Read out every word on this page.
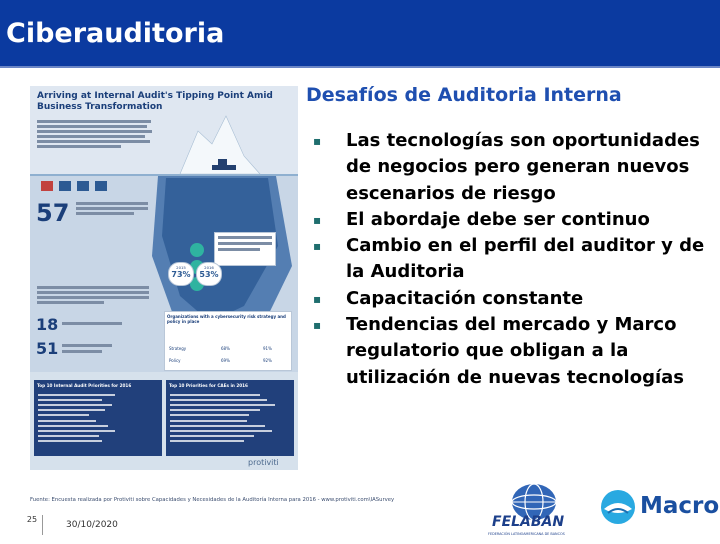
Ciberauditoria
Desafíos de Auditoria Interna
▪ Las tecnologías son oportunidades de negocios pero generan nuevos escenarios de riesgo
▪ El abordaje debe ser continuo
▪ Cambio en el perfil del auditor y de la Auditoria
▪ Capacitación constante
▪ Tendencias del mercado y Marco regulatorio que obligan a la utilización de nuevas tecnologías
Arriving at Internal Audit's Tipping Point Amid Business Transformation
57
2015
73%
2016
53%
18
51
Organizations with a cybersecurity risk strategy and policy in place
Strategy	68%	91%
Policy	69%	92%
Top 10 Internal Audit Priorities for 2016	Top 10 Priorities for CAEs in 2016
protiviti
Fuente: Encuesta realizada por Protiviti sobre Capacidades y Necesidades de la Auditoría Interna para 2016 - www.protiviti.com\IASurvey
25
30/10/2020	FELABAN
FEDERACIÓN LATINOAMERICANA DE BANCOS
Macro
